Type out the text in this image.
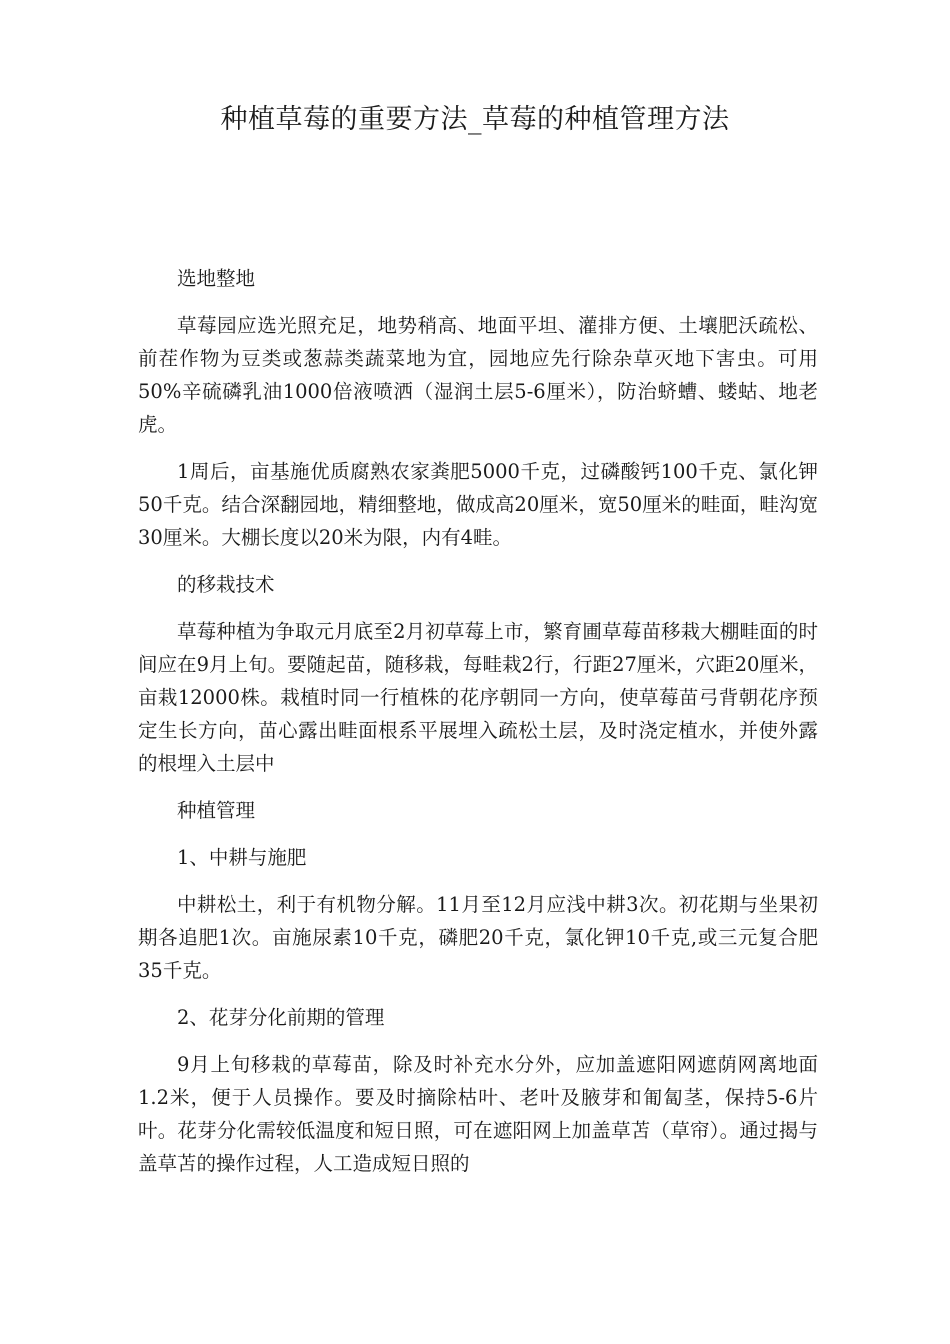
种植草莓的重要方法_草莓的种植管理方法

选地整地

草莓园应选光照充足，地势稍高、地面平坦、灌排方便、土壤肥沃疏松、前茬作物为豆类或葱蒜类蔬菜地为宜，园地应先行除杂草灭地下害虫。可用50%辛硫磷乳油1000倍液喷洒（湿润土层5-6厘米），防治蛴螬、蝼蛄、地老虎。

1周后，亩基施优质腐熟农家粪肥5000千克，过磷酸钙100千克、氯化钾50千克。结合深翻园地，精细整地，做成高20厘米，宽50厘米的畦面，畦沟宽30厘米。大棚长度以20米为限，内有4畦。

的移栽技术

草莓种植为争取元月底至2月初草莓上市，繁育圃草莓苗移栽大棚畦面的时间应在9月上旬。要随起苗，随移栽，每畦栽2行，行距27厘米，穴距20厘米，亩栽12000株。栽植时同一行植株的花序朝同一方向，使草莓苗弓背朝花序预定生长方向，苗心露出畦面根系平展埋入疏松土层，及时浇定植水，并使外露的根埋入土层中

种植管理

1、中耕与施肥

中耕松土，利于有机物分解。11月至12月应浅中耕3次。初花期与坐果初期各追肥1次。亩施尿素10千克，磷肥20千克，氯化钾10千克,或三元复合肥35千克。

2、花芽分化前期的管理

9月上旬移栽的草莓苗，除及时补充水分外，应加盖遮阳网遮荫网离地面1.2米，便于人员操作。要及时摘除枯叶、老叶及腋芽和匍匐茎，保持5-6片叶。花芽分化需较低温度和短日照，可在遮阳网上加盖草苫（草帘）。通过揭与盖草苫的操作过程，人工造成短日照的
